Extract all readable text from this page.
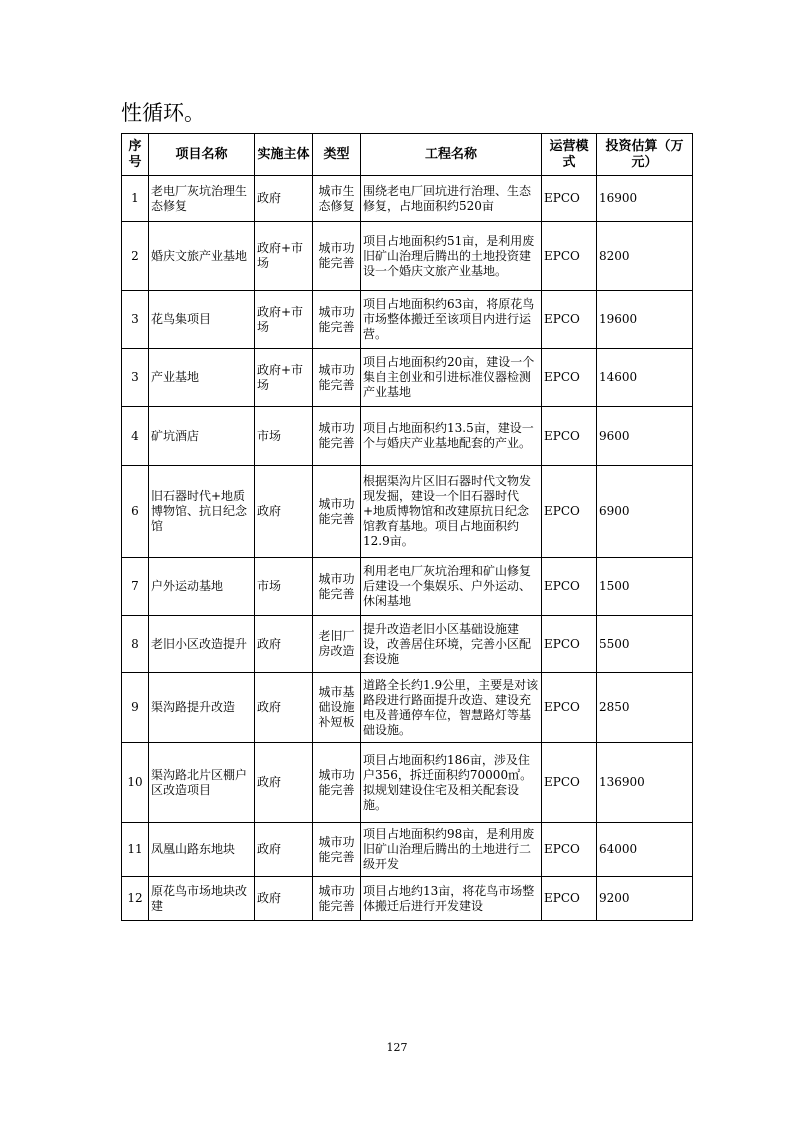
性循环。
序号	项目名称	实施主体	类型	工程名称	运营模式	投资估算（万元）
1	老电厂灰坑治理生态修复	政府	城市生态修复	围绕老电厂回坑进行治理、生态修复，占地面积约520亩	EPCO	16900
2	婚庆文旅产业基地	政府+市场	城市功能完善	项目占地面积约51亩，是利用废旧矿山治理后腾出的土地投资建设一个婚庆文旅产业基地。	EPCO	8200
3	花鸟集项目	政府+市场	城市功能完善	项目占地面积约63亩，将原花鸟市场整体搬迁至该项目内进行运营。	EPCO	19600
3	产业基地	政府+市场	城市功能完善	项目占地面积约20亩，建设一个集自主创业和引进标准仪器检测产业基地	EPCO	14600
4	矿坑酒店	市场	城市功能完善	项目占地面积约13.5亩，建设一个与婚庆产业基地配套的产业。	EPCO	9600
6	旧石器时代+地质博物馆、抗日纪念馆	政府	城市功能完善	根据渠沟片区旧石器时代文物发现发掘，建设一个旧石器时代+地质博物馆和改建原抗日纪念馆教育基地。项目占地面积约12.9亩。	EPCO	6900
7	户外运动基地	市场	城市功能完善	利用老电厂灰坑治理和矿山修复后建设一个集娱乐、户外运动、休闲基地	EPCO	1500
8	老旧小区改造提升	政府	老旧厂房改造	提升改造老旧小区基础设施建设，改善居住环境，完善小区配套设施	EPCO	5500
9	渠沟路提升改造	政府	城市基础设施补短板	道路全长约1.9公里，主要是对该路段进行路面提升改造、建设充电及普通停车位，智慧路灯等基础设施。	EPCO	2850
10	渠沟路北片区棚户区改造项目	政府	城市功能完善	项目占地面积约186亩，涉及住户356，拆迁面积约70000㎡。拟规划建设住宅及相关配套设施。	EPCO	136900
11	凤凰山路东地块	政府	城市功能完善	项目占地面积约98亩，是利用废旧矿山治理后腾出的土地进行二级开发	EPCO	64000
12	原花鸟市场地块改建	政府	城市功能完善	项目占地约13亩，将花鸟市场整体搬迁后进行开发建设	EPCO	9200
127
